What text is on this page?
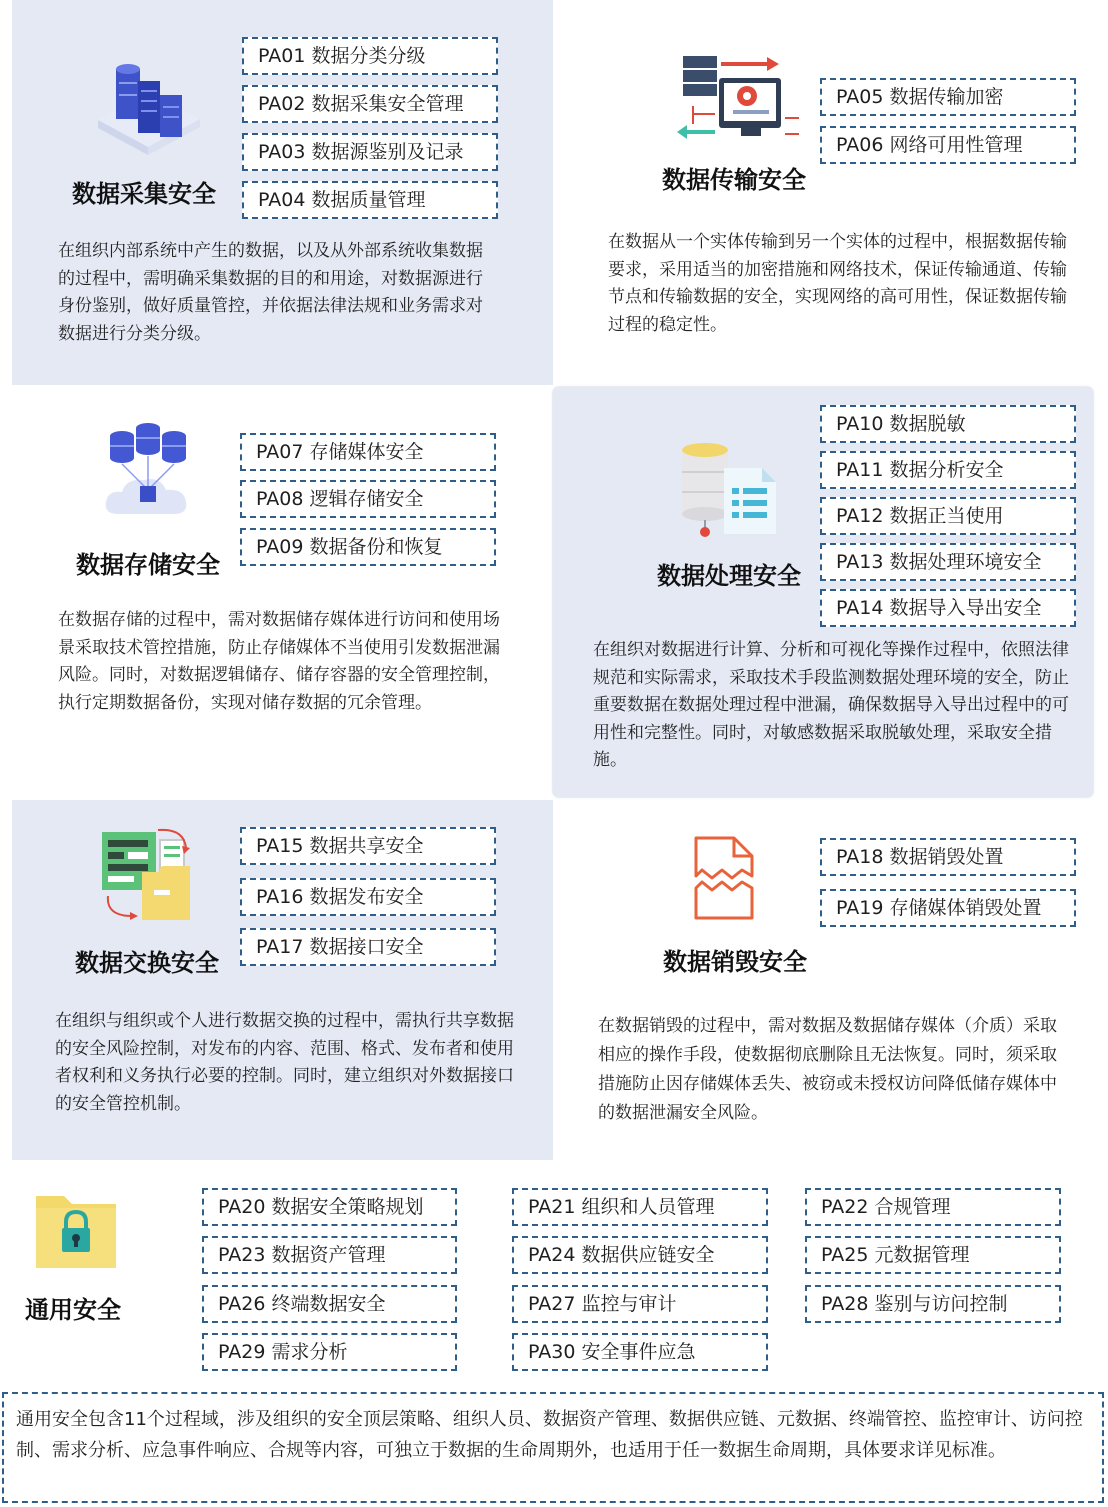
数据采集安全
PA01 数据分类分级
PA02 数据采集安全管理
PA03 数据源鉴别及记录
PA04 数据质量管理
在组织内部系统中产生的数据，以及从外部系统收集数据的过程中，需明确采集数据的目的和用途，对数据源进行身份鉴别，做好质量管控，并依据法律法规和业务需求对数据进行分类分级。
数据传输安全
PA05 数据传输加密
PA06 网络可用性管理
在数据从一个实体传输到另一个实体的过程中，根据数据传输要求，采用适当的加密措施和网络技术，保证传输通道、传输节点和传输数据的安全，实现网络的高可用性，保证数据传输过程的稳定性。
数据存储安全
PA07 存储媒体安全
PA08 逻辑存储安全
PA09 数据备份和恢复
在数据存储的过程中，需对数据储存媒体进行访问和使用场景采取技术管控措施，防止存储媒体不当使用引发数据泄漏风险。同时，对数据逻辑储存、储存容器的安全管理控制，执行定期数据备份，实现对储存数据的冗余管理。
数据处理安全
PA10 数据脱敏
PA11 数据分析安全
PA12 数据正当使用
PA13 数据处理环境安全
PA14 数据导入导出安全
在组织对数据进行计算、分析和可视化等操作过程中，依照法律规范和实际需求，采取技术手段监测数据处理环境的安全，防止重要数据在数据处理过程中泄漏，确保数据导入导出过程中的可用性和完整性。同时，对敏感数据采取脱敏处理，采取安全措施。
数据交换安全
PA15 数据共享安全
PA16 数据发布安全
PA17 数据接口安全
在组织与组织或个人进行数据交换的过程中，需执行共享数据的安全风险控制，对发布的内容、范围、格式、发布者和使用者权利和义务执行必要的控制。同时，建立组织对外数据接口的安全管控机制。
数据销毁安全
PA18 数据销毁处置
PA19 存储媒体销毁处置
在数据销毁的过程中，需对数据及数据储存媒体（介质）采取相应的操作手段，使数据彻底删除且无法恢复。同时，须采取措施防止因存储媒体丢失、被窃或未授权访问降低储存媒体中的数据泄漏安全风险。
通用安全
PA20 数据安全策略规划	PA21 组织和人员管理	PA22 合规管理
PA23 数据资产管理	PA24 数据供应链安全	PA25 元数据管理
PA26 终端数据安全	PA27 监控与审计	PA28 鉴别与访问控制
PA29 需求分析	PA30 安全事件应急
通用安全包含11个过程域，涉及组织的安全顶层策略、组织人员、数据资产管理、数据供应链、元数据、终端管控、监控审计、访问控制、需求分析、应急事件响应、合规等内容，可独立于数据的生命周期外，也适用于任一数据生命周期，具体要求详见标准。
